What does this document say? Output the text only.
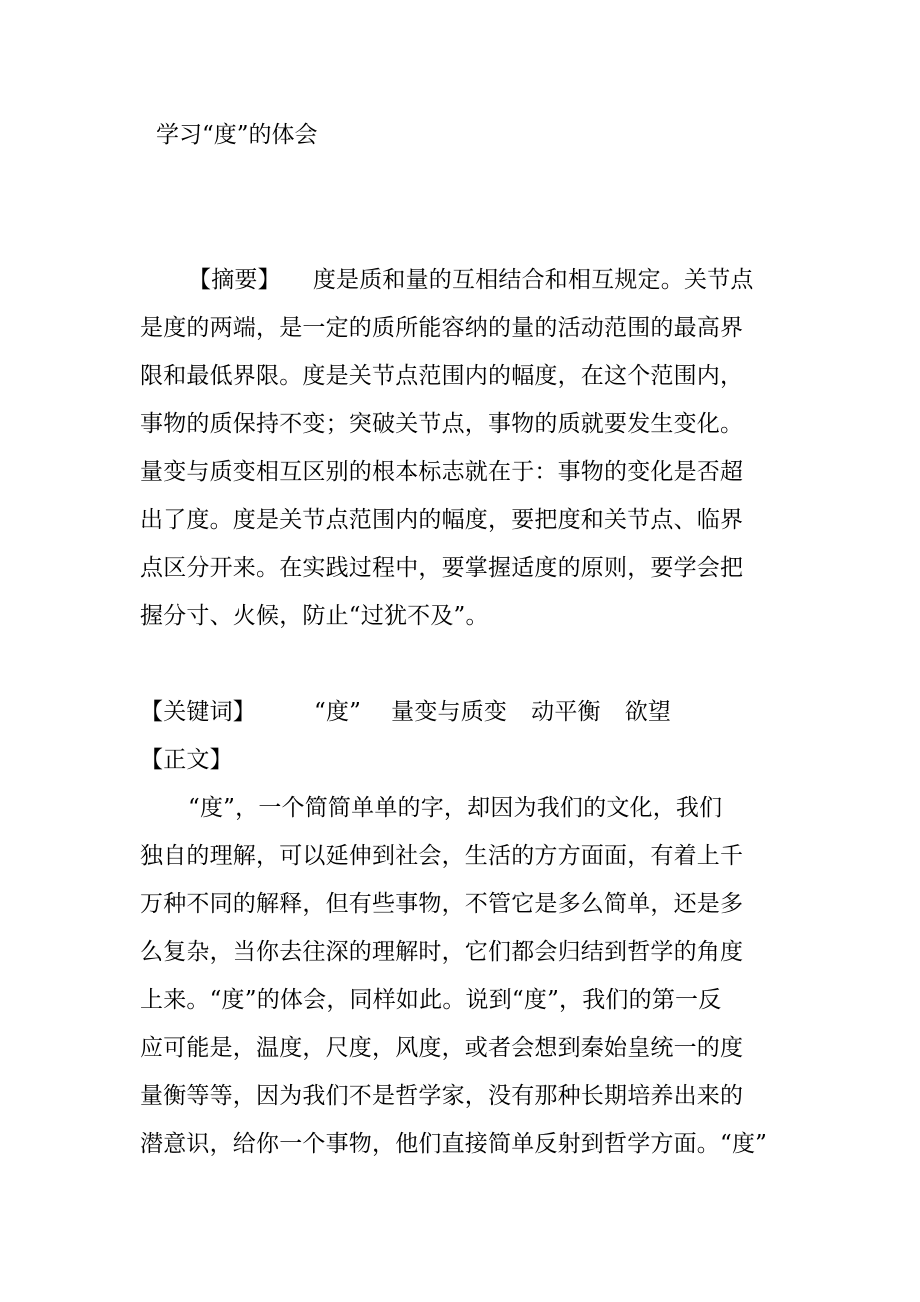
学习“度”的体会
【摘要】 度是质和量的互相结合和相互规定。关节点
是度的两端，是一定的质所能容纳的量的活动范围的最高界
限和最低界限。度是关节点范围内的幅度，在这个范围内，
事物的质保持不变；突破关节点，事物的质就要发生变化。
量变与质变相互区别的根本标志就在于：事物的变化是否超
出了度。度是关节点范围内的幅度，要把度和关节点、临界
点区分开来。在实践过程中，要掌握适度的原则，要学会把
握分寸、火候，防止“过犹不及”。
【关键词】	“度” 量变与质变 动平衡 欲望
【正文】
“度”，一个简简单单的字，却因为我们的文化，我们
独自的理解，可以延伸到社会，生活的方方面面，有着上千
万种不同的解释，但有些事物，不管它是多么简单，还是多
么复杂，当你去往深的理解时，它们都会归结到哲学的角度
上来。“度”的体会，同样如此。说到“度”，我们的第一反
应可能是，温度，尺度，风度，或者会想到秦始皇统一的度
量衡等等，因为我们不是哲学家，没有那种长期培养出来的
潜意识，给你一个事物，他们直接简单反射到哲学方面。“度”
